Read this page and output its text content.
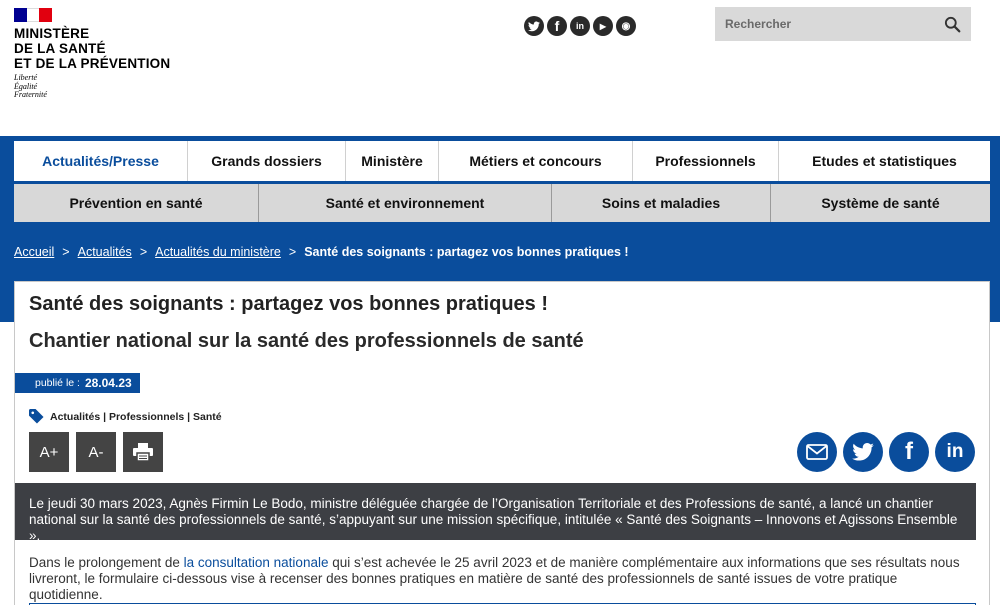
MINISTÈRE
DE LA SANTÉ
ET DE LA PRÉVENTION
Liberté
Égalité
Fraternité
f	in	▶	◉
Rechercher
Actualités/Presse	Grands dossiers	Ministère	Métiers et concours	Professionnels	Etudes et statistiques
Prévention en santé	Santé et environnement	Soins et maladies	Système de santé
Accueil > Actualités > Actualités du ministère > Santé des soignants : partagez vos bonnes pratiques !
Santé des soignants : partagez vos bonnes pratiques !
Chantier national sur la santé des professionnels de santé
publié le : 28.04.23
Actualités | Professionnels | Santé
A+	A-	f	in
Le jeudi 30 mars 2023, Agnès Firmin Le Bodo, ministre déléguée chargée de l’Organisation Territoriale et des Professions de santé, a lancé un chantier national sur la santé des professionnels de santé, s’appuyant sur une mission spécifique, intitulée « Santé des Soignants – Innovons et Agissons Ensemble ».

Dans le prolongement de la consultation nationale qui s’est achevée le 25 avril 2023 et de manière complémentaire aux informations que ses résultats nous livreront, le formulaire ci-dessous vise à recenser des bonnes pratiques en matière de santé des professionnels de santé issues de votre pratique quotidienne.
